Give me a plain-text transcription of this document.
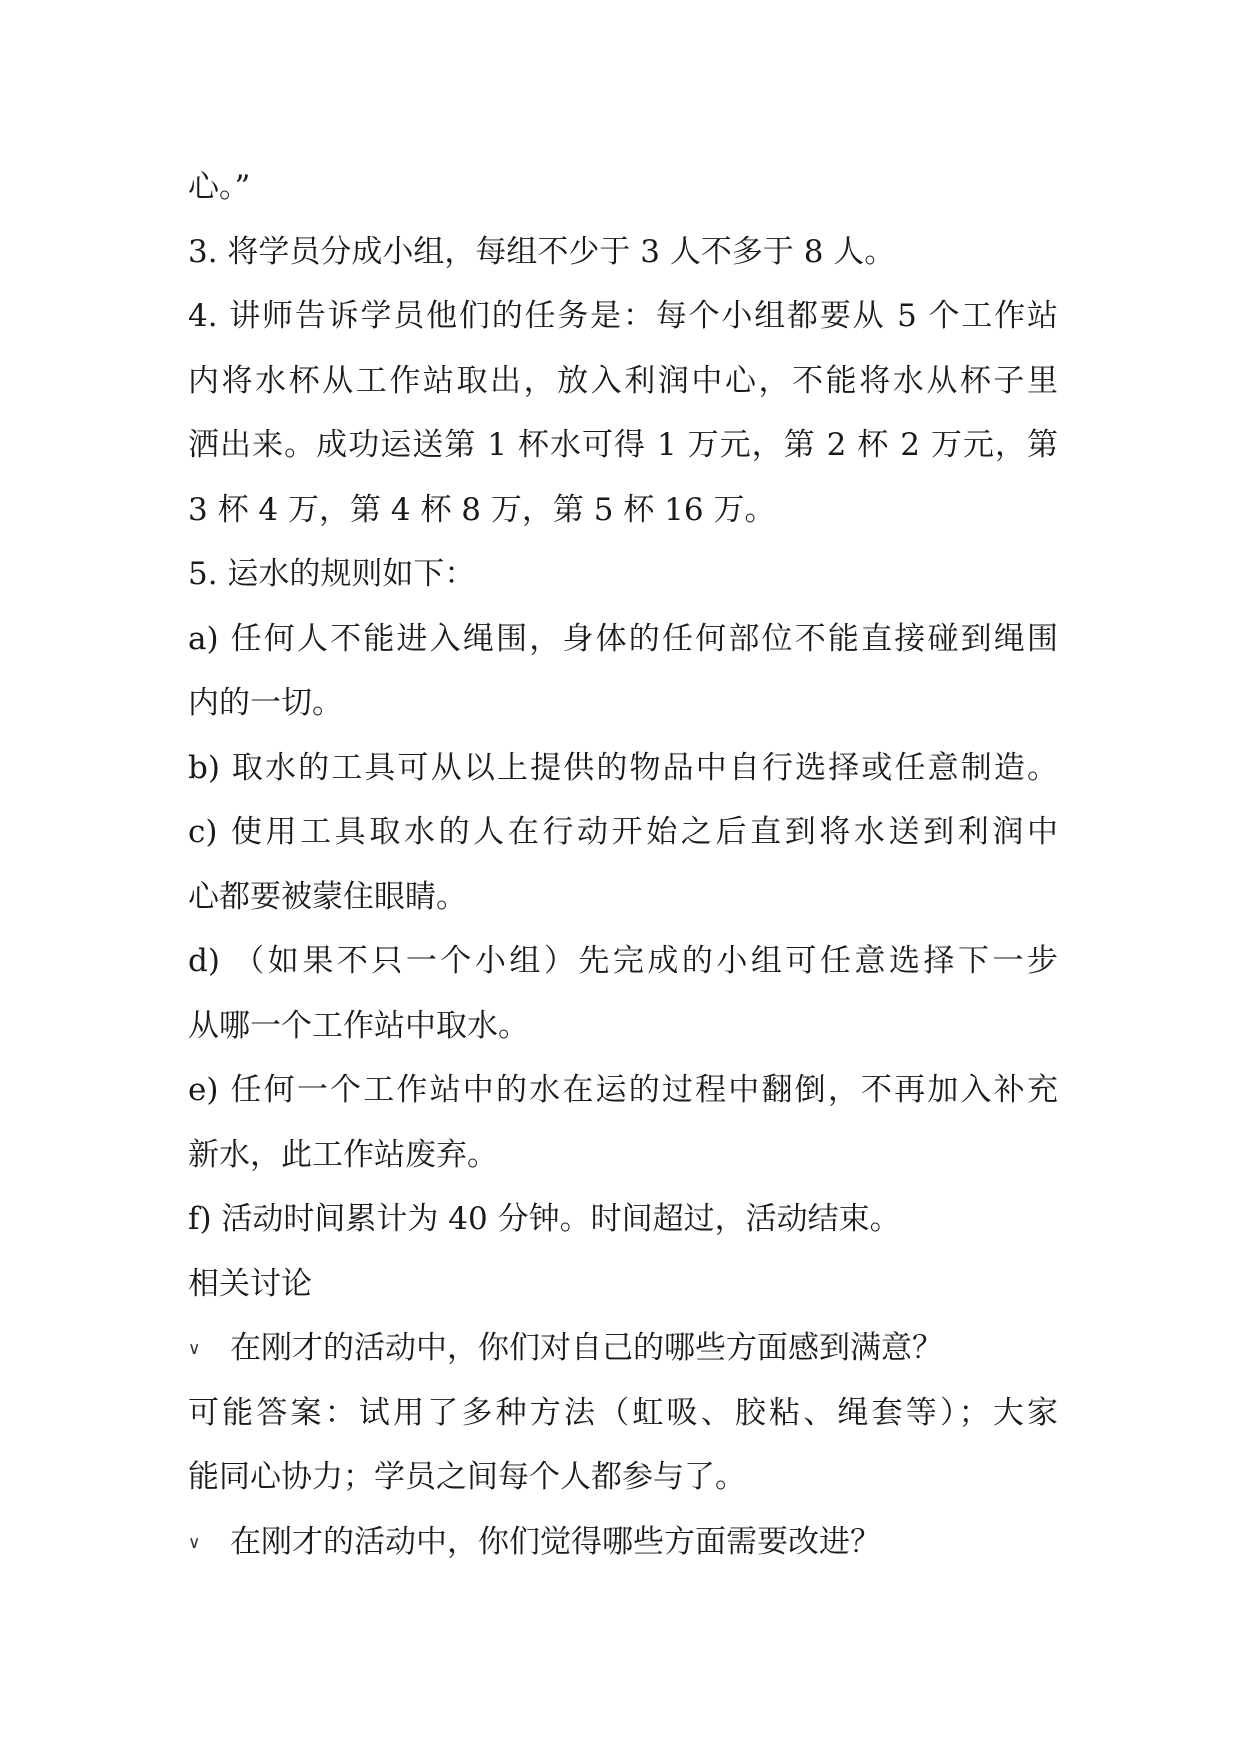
心。”
3. 将学员分成小组，每组不少于 3 人不多于 8 人。
4. 讲师告诉学员他们的任务是：每个小组都要从 5 个工作站
内将水杯从工作站取出，放入利润中心，不能将水从杯子里
洒出来。成功运送第 1 杯水可得 1 万元，第 2 杯 2 万元，第
3 杯 4 万，第 4 杯 8 万，第 5 杯 16 万。
5. 运水的规则如下：
a) 任何人不能进入绳围，身体的任何部位不能直接碰到绳围
内的一切。
b) 取水的工具可从以上提供的物品中自行选择或任意制造。
c) 使用工具取水的人在行动开始之后直到将水送到利润中
心都要被蒙住眼睛。
d) （如果不只一个小组）先完成的小组可任意选择下一步
从哪一个工作站中取水。
e) 任何一个工作站中的水在运的过程中翻倒，不再加入补充
新水，此工作站废弃。
f) 活动时间累计为 40 分钟。时间超过，活动结束。
相关讨论
∨ 在刚才的活动中，你们对自己的哪些方面感到满意？
可能答案：试用了多种方法（虹吸、胶粘、绳套等）；大家
能同心协力；学员之间每个人都参与了。
∨ 在刚才的活动中，你们觉得哪些方面需要改进？
